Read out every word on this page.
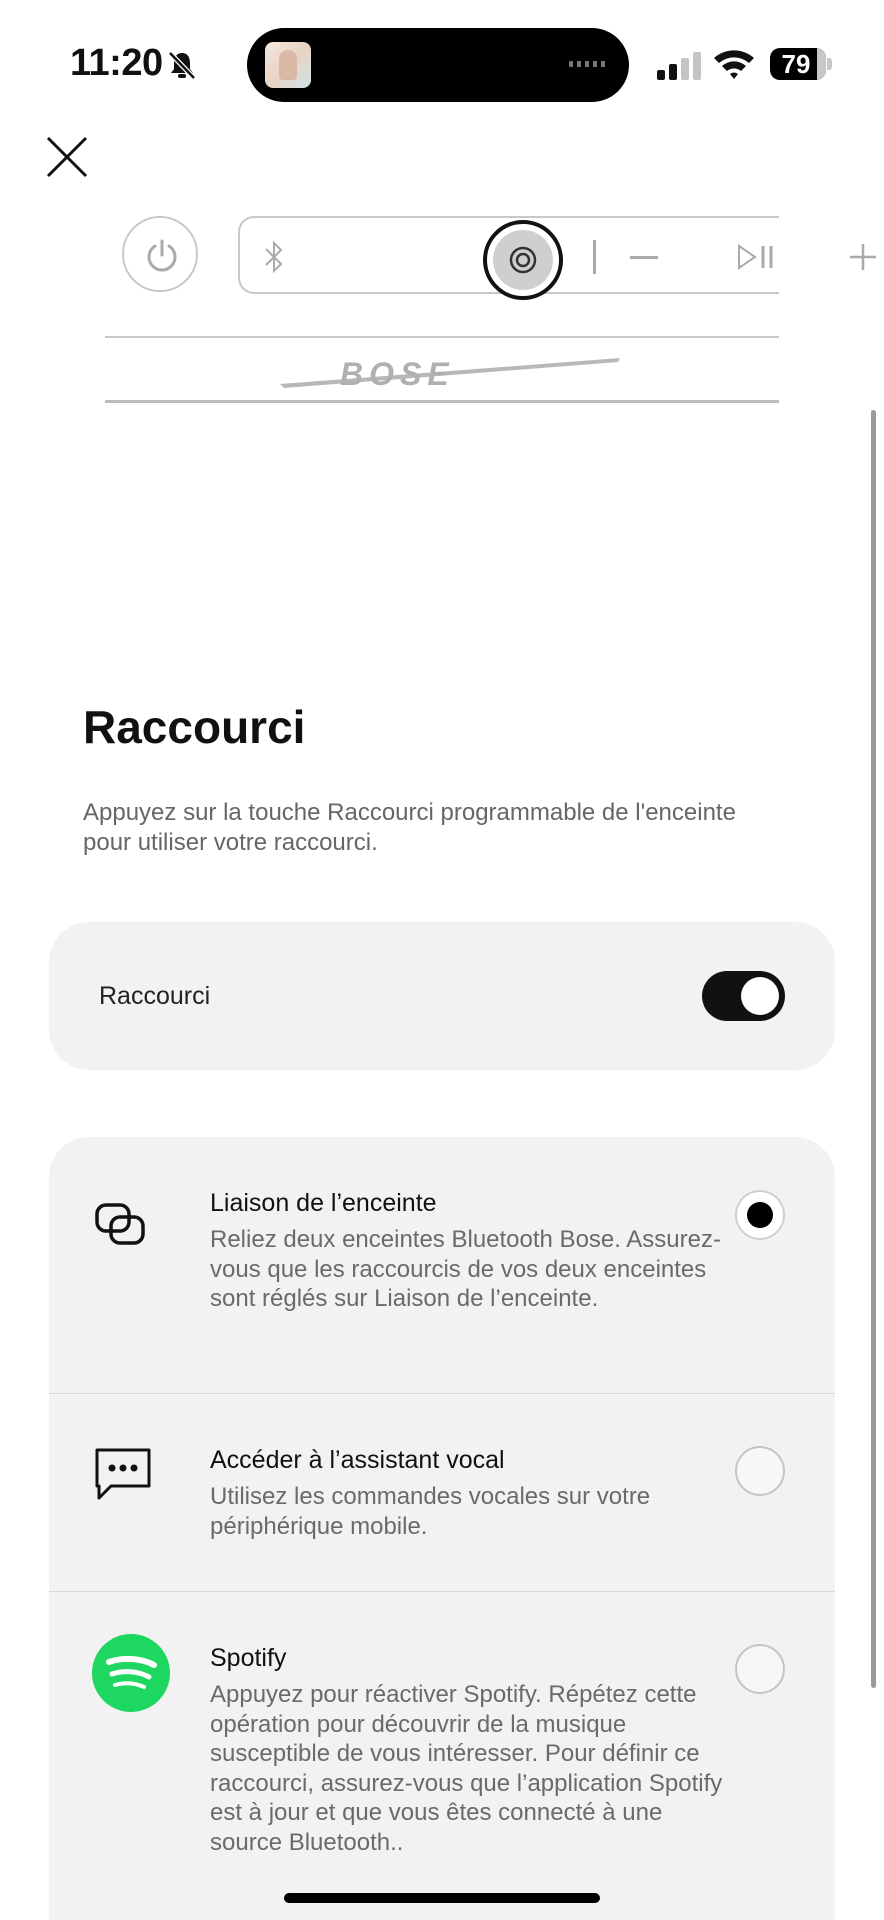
11:20	79
BOSE
Raccourci

Appuyez sur la touche Raccourci programmable de l'enceinte pour utiliser votre raccourci.

Raccourci
Liaison de l’enceinte
Reliez deux enceintes Bluetooth Bose. Assurez-vous que les raccourcis de vos deux enceintes sont réglés sur Liaison de l’enceinte.
Accéder à l’assistant vocal
Utilisez les commandes vocales sur votre périphérique mobile.
Spotify
Appuyez pour réactiver Spotify. Répétez cette opération pour découvrir de la musique susceptible de vous intéresser. Pour définir ce raccourci, assurez-vous que l’application Spotify est à jour et que vous êtes connecté à une source Bluetooth..
